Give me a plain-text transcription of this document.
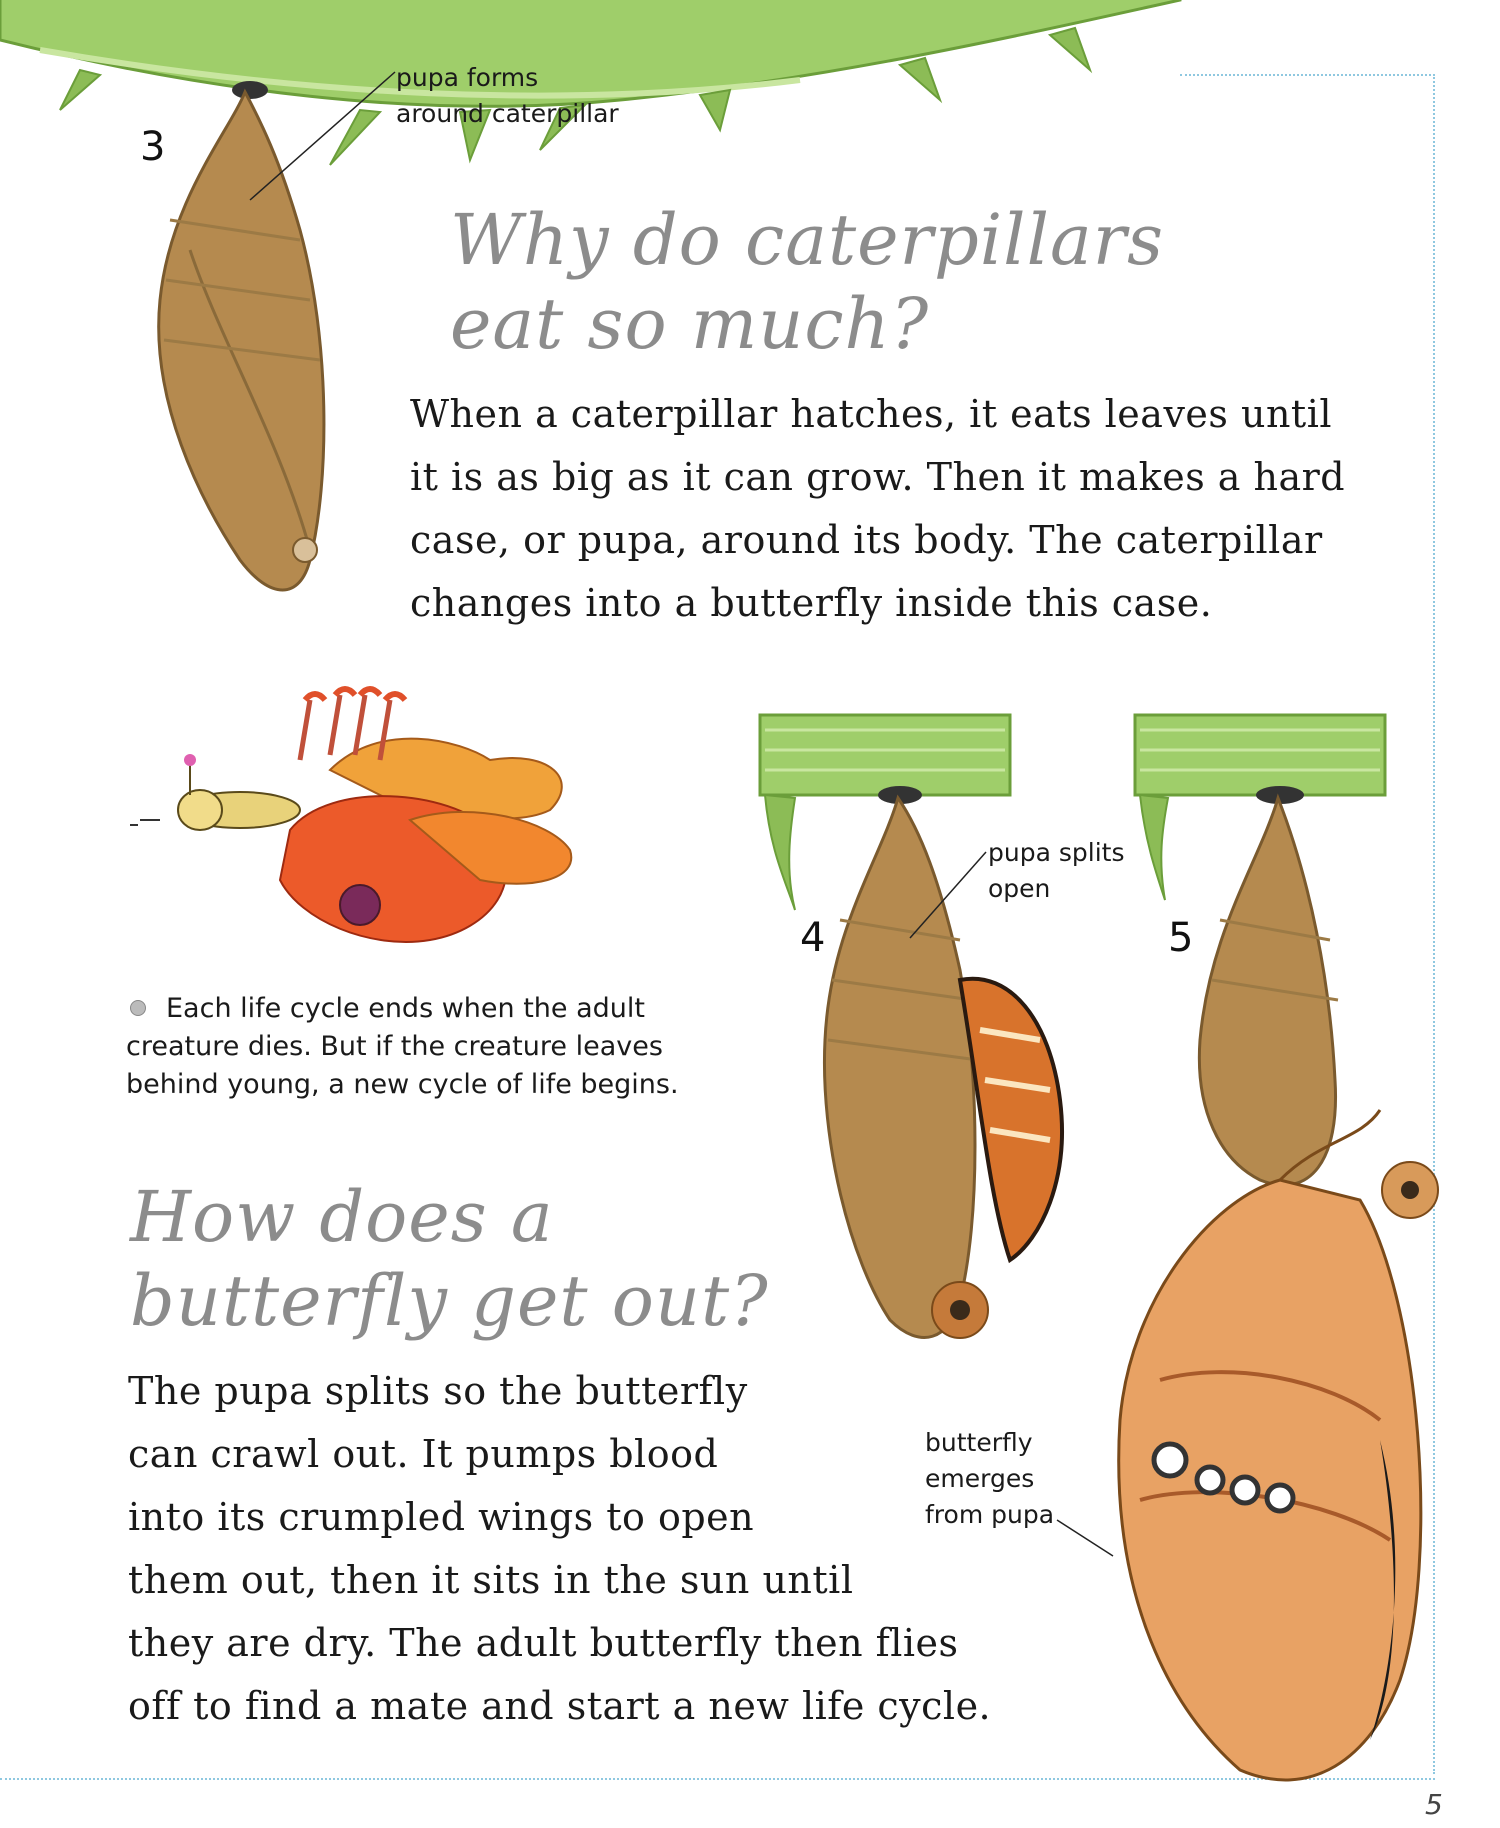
3
pupa forms
around caterpillar

Why do caterpillars

eat so much?

When a caterpillar hatches, it eats leaves until

it is as big as it can grow. Then it makes a hard

case, or pupa, around its body. The caterpillar

changes into a butterfly inside this case.

Each life cycle ends when the adult

creature dies. But if the creature leaves

behind young, a new cycle of life begins.

4
pupa splits
open
5
butterfly
emerges
from pupa

How does a

butterfly get out?

The pupa splits so the butterfly

can crawl out. It pumps blood

into its crumpled wings to open

them out, then it sits in the sun until

they are dry. The adult butterfly then flies

off to find a mate and start a new life cycle.

5
